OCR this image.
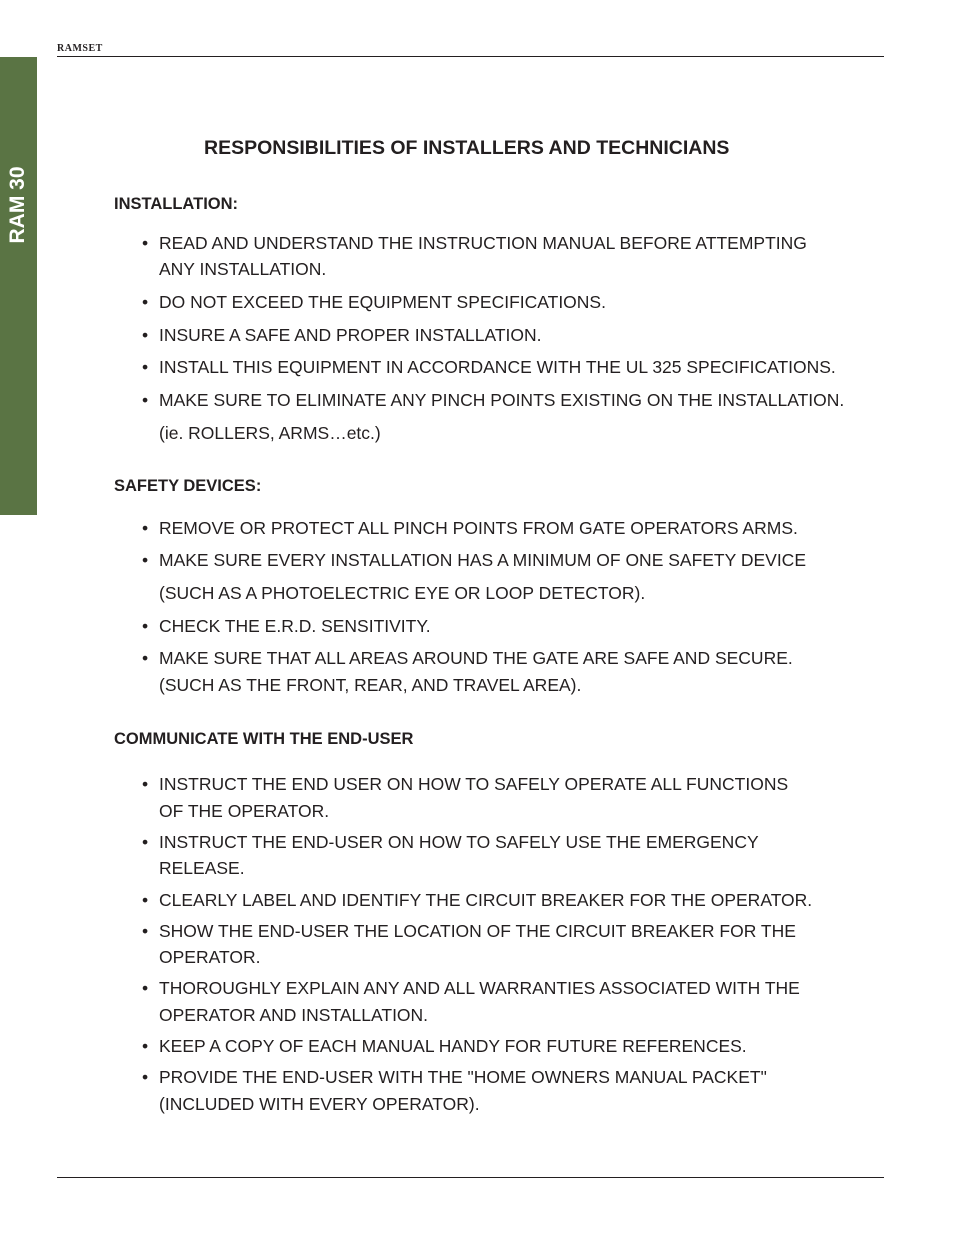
RAMSET
RAM 30
RESPONSIBILITIES OF INSTALLERS AND TECHNICIANS
INSTALLATION:
• READ AND UNDERSTAND THE INSTRUCTION MANUAL BEFORE ATTEMPTING
ANY INSTALLATION.
• DO NOT EXCEED THE EQUIPMENT SPECIFICATIONS.
• INSURE A SAFE AND PROPER INSTALLATION.
• INSTALL THIS EQUIPMENT IN ACCORDANCE WITH THE UL 325 SPECIFICATIONS.
• MAKE SURE TO ELIMINATE ANY PINCH POINTS EXISTING ON THE INSTALLATION.
(ie. ROLLERS, ARMS…etc.)
SAFETY DEVICES:
• REMOVE OR PROTECT ALL PINCH POINTS FROM GATE OPERATORS ARMS.
• MAKE SURE EVERY INSTALLATION HAS A MINIMUM OF ONE SAFETY DEVICE
(SUCH AS A PHOTOELECTRIC EYE OR LOOP DETECTOR).
• CHECK THE E.R.D. SENSITIVITY.
• MAKE SURE THAT ALL AREAS AROUND THE GATE ARE SAFE AND SECURE.
(SUCH AS THE FRONT, REAR, AND TRAVEL AREA).
COMMUNICATE WITH THE END-USER
• INSTRUCT THE END USER ON HOW TO SAFELY OPERATE ALL FUNCTIONS
OF THE OPERATOR.
• INSTRUCT THE END-USER ON HOW TO SAFELY USE THE EMERGENCY
RELEASE.
• CLEARLY LABEL AND IDENTIFY THE CIRCUIT BREAKER FOR THE OPERATOR.
• SHOW THE END-USER THE LOCATION OF THE CIRCUIT BREAKER FOR THE
OPERATOR.
• THOROUGHLY EXPLAIN ANY AND ALL WARRANTIES ASSOCIATED WITH THE
OPERATOR AND INSTALLATION.
• KEEP A COPY OF EACH MANUAL HANDY FOR FUTURE REFERENCES.
• PROVIDE THE END-USER WITH THE "HOME OWNERS MANUAL PACKET"
(INCLUDED WITH EVERY OPERATOR).
